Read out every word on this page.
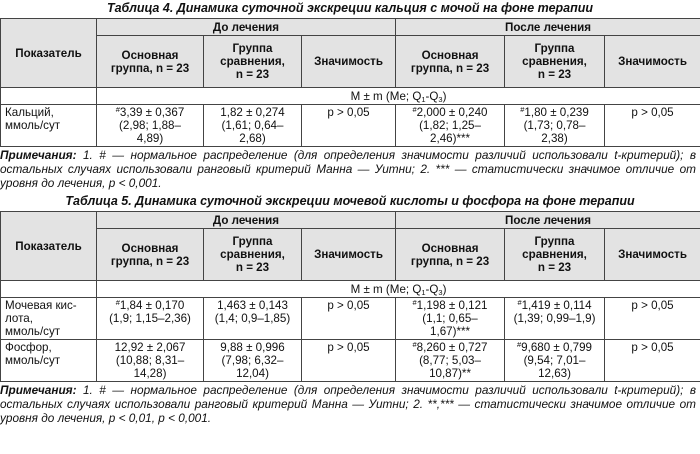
Таблица 4. Динамика суточной экскреции кальция с мочой на фоне терапии
Показатель	До лечения			После лечения		
	Основная группа, n = 23	Группа
сравнения,
n = 23	Значимость	Основная группа, n = 23	Группа
сравнения,
n = 23	Значимость
	M ± m (Me; $Q_1-Q_3$)					
Кальций,
ммоль/сут	#3,39 ± 0,367
(2,98; 1,88–
4,89)	1,82 ± 0,274
(1,61; 0,64–
2,68)	p > 0,05	#2,000 ± 0,240
(1,82; 1,25–
2,46)***	#1,80 ± 0,239
(1,73; 0,78–
2,38)	p > 0,05
Примечания: 1. # — нормальное распределение (для определения значимости различий использовали t-критерий); в остальных случаях использовали ранговый критерий Манна — Уитни; 2. *** — статистически значимое отличие от уровня до лечения, p < 0,001.
Таблица 5. Динамика суточной экскреции мочевой кислоты и фосфора на фоне терапии
Показатель	До лечения			После лечения		
	Основная группа, n = 23	Группа
сравнения,
n = 23	Значимость	Основная группа, n = 23	Группа
сравнения,
n = 23	Значимость
	M ± m (Me; $Q_1-Q_3$)					
Мочевая кис-
лота,
ммоль/сут	#1,84 ± 0,170
(1,9; 1,15–2,36)	1,463 ± 0,143
(1,4; 0,9–1,85)	p > 0,05	#1,198 ± 0,121
(1,1; 0,65–
1,67)***	#1,419 ± 0,114
(1,39; 0,99–1,9)	p > 0,05
Фосфор,
ммоль/сут	12,92 ± 2,067
(10,88; 8,31–
14,28)	9,88 ± 0,996
(7,98; 6,32–
12,04)	p > 0,05	#8,260 ± 0,727
(8,77; 5,03–
10,87)**	#9,680 ± 0,799
(9,54; 7,01–
12,63)	p > 0,05
Примечания: 1. # — нормальное распределение (для определения значимости различий использовали t-критерий); в остальных случаях использовали ранговый критерий Манна — Уитни; 2. **,*** — статистически значимое отличие от уровня до лечения, p < 0,01, p < 0,001.
